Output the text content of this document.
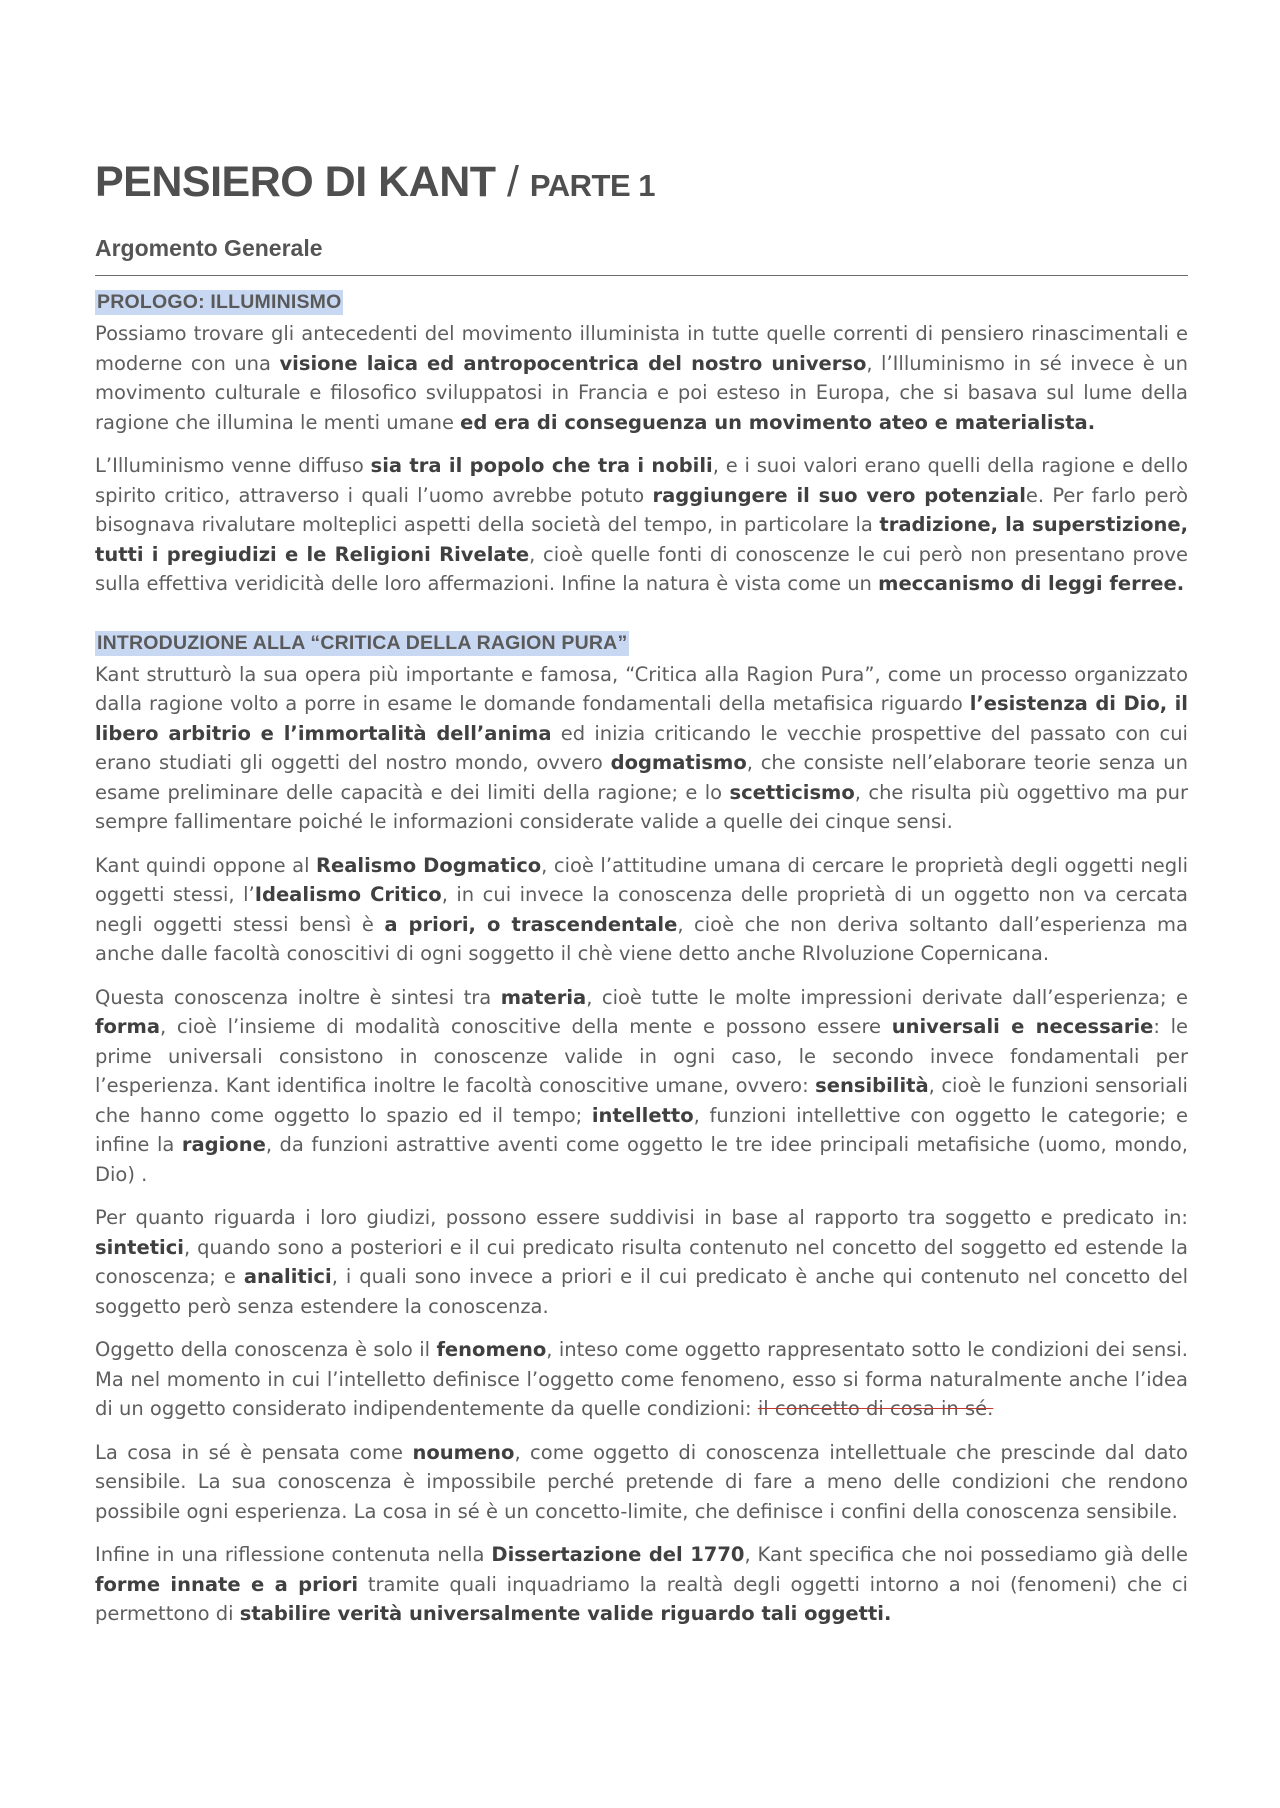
PENSIERO DI KANT / PARTE 1
Argomento Generale
PROLOGO: ILLUMINISMO

Possiamo trovare gli antecedenti del movimento illuminista in tutte quelle correnti di pensiero rinascimentali e moderne con una visione laica ed antropocentrica del nostro universo, l’Illuminismo in sé invece è un movimento culturale e filosofico sviluppatosi in Francia e poi esteso in Europa, che si basava sul lume della ragione che illumina le menti umane ed era di conseguenza un movimento ateo e materialista.

L’Illuminismo venne diffuso sia tra il popolo che tra i nobili, e i suoi valori erano quelli della ragione e dello spirito critico, attraverso i quali l’uomo avrebbe potuto raggiungere il suo vero potenziale. Per farlo però bisognava rivalutare molteplici aspetti della società del tempo, in particolare la tradizione, la superstizione, tutti i pregiudizi e le Religioni Rivelate, cioè quelle fonti di conoscenze le cui però non presentano prove sulla effettiva veridicità delle loro affermazioni. Infine la natura è vista come un meccanismo di leggi ferree.

INTRODUZIONE ALLA “CRITICA DELLA RAGION PURA”

Kant strutturò la sua opera più importante e famosa, “Critica alla Ragion Pura”, come un processo organizzato dalla ragione volto a porre in esame le domande fondamentali della metafisica riguardo l’esistenza di Dio, il libero arbitrio e l’immortalità dell’anima ed inizia criticando le vecchie prospettive del passato con cui erano studiati gli oggetti del nostro mondo, ovvero dogmatismo, che consiste nell’elaborare teorie senza un esame preliminare delle capacità e dei limiti della ragione; e lo scetticismo, che risulta più oggettivo ma pur sempre fallimentare poiché le informazioni considerate valide a quelle dei cinque sensi.

Kant quindi oppone al Realismo Dogmatico, cioè l’attitudine umana di cercare le proprietà degli oggetti negli oggetti stessi, l’Idealismo Critico, in cui invece la conoscenza delle proprietà di un oggetto non va cercata negli oggetti stessi bensì è a priori, o trascendentale, cioè che non deriva soltanto dall’esperienza ma anche dalle facoltà conoscitivi di ogni soggetto il chè viene detto anche RIvoluzione Copernicana.

Questa conoscenza inoltre è sintesi tra materia, cioè tutte le molte impressioni derivate dall’esperienza; e forma, cioè l’insieme di modalità conoscitive della mente e possono essere universali e necessarie: le prime universali consistono in conoscenze valide in ogni caso, le secondo invece fondamentali per l’esperienza. Kant identifica inoltre le facoltà conoscitive umane, ovvero: sensibilità, cioè le funzioni sensoriali che hanno come oggetto lo spazio ed il tempo; intelletto, funzioni intellettive con oggetto le categorie; e infine la ragione, da funzioni astrattive aventi come oggetto le tre idee principali metafisiche (uomo, mondo, Dio) .

Per quanto riguarda i loro giudizi, possono essere suddivisi in base al rapporto tra soggetto e predicato in: sintetici, quando sono a posteriori e il cui predicato risulta contenuto nel concetto del soggetto ed estende la conoscenza; e analitici, i quali sono invece a priori e il cui predicato è anche qui contenuto nel concetto del soggetto però senza estendere la conoscenza.

Oggetto della conoscenza è solo il fenomeno, inteso come oggetto rappresentato sotto le condizioni dei sensi. Ma nel momento in cui l’intelletto definisce l’oggetto come fenomeno, esso si forma naturalmente anche l’idea di un oggetto considerato indipendentemente da quelle condizioni: il concetto di cosa in sé.

La cosa in sé è pensata come noumeno, come oggetto di conoscenza intellettuale che prescinde dal dato sensibile. La sua conoscenza è impossibile perché pretende di fare a meno delle condizioni che rendono possibile ogni esperienza. La cosa in sé è un concetto-limite, che definisce i confini della conoscenza sensibile.

Infine in una riflessione contenuta nella Dissertazione del 1770, Kant specifica che noi possediamo già delle forme innate e a priori tramite quali inquadriamo la realtà degli oggetti intorno a noi (fenomeni) che ci permettono di stabilire verità universalmente valide riguardo tali oggetti.
